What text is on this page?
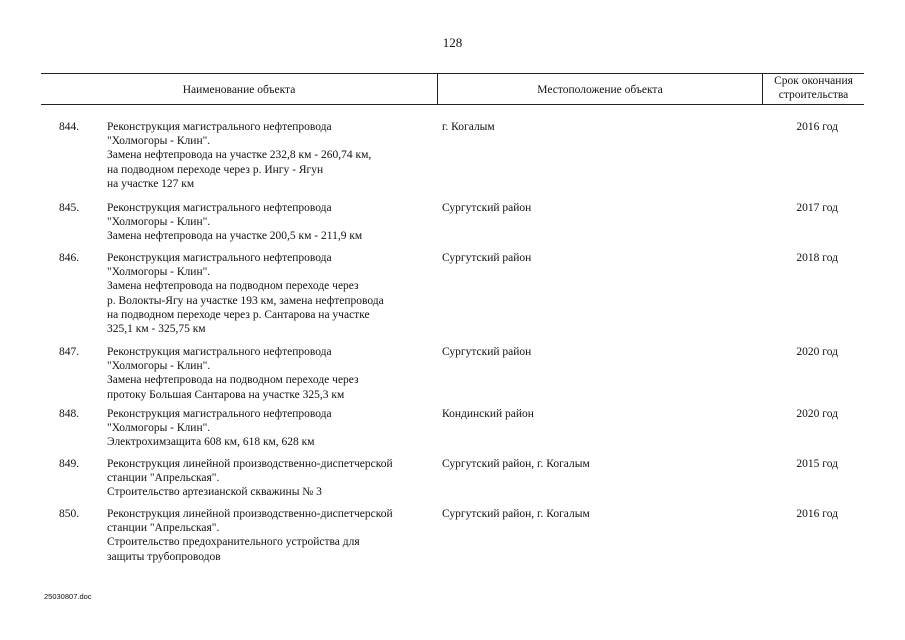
128
Наименование объекта	Местоположение объекта
Срок окончания
строительства
844.	Реконструкция магистрального нефтепровода
"Холмогоры - Клин".
Замена нефтепровода на участке 232,8 км - 260,74 км,
на подводном переходе через р. Ингу - Ягун
на участке 127 км
г. Когалым	2016 год
845.	Реконструкция магистрального нефтепровода
"Холмогоры - Клин".
Замена нефтепровода на участке 200,5 км - 211,9 км
Сургутский район	2017 год
846.	Реконструкция магистрального нефтепровода
"Холмогоры - Клин".
Замена нефтепровода на подводном переходе через
р. Волокты-Ягу на участке 193 км, замена нефтепровода
на подводном переходе через р. Сантарова на участке
325,1 км - 325,75 км
Сургутский район	2018 год
847.	Реконструкция магистрального нефтепровода
"Холмогоры - Клин".
Замена нефтепровода на подводном переходе через
протоку Большая Сантарова на участке 325,3 км
Сургутский район	2020 год
848.	Реконструкция магистрального нефтепровода
"Холмогоры - Клин".
Электрохимзащита 608 км, 618 км, 628 км
Кондинский район	2020 год
849.	Реконструкция линейной производственно-диспетчерской
станции "Апрельская".
Строительство артезианской скважины № 3
Сургутский район, г. Когалым	2015 год
850.	Реконструкция линейной производственно-диспетчерской
станции "Апрельская".
Строительство предохранительного устройства для
защиты трубопроводов
Сургутский район, г. Когалым	2016 год
25030807.doc
